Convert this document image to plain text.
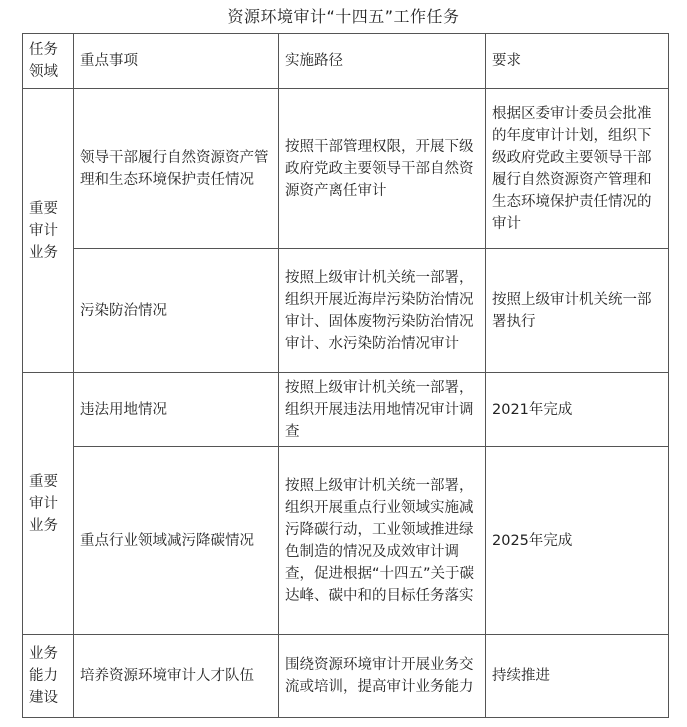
资源环境审计“十四五”工作任务
任务领域	重点事项	实施路径	要求
重要审计业务	领导干部履行自然资源资产管理和生态环境保护责任情况	按照干部管理权限，开展下级政府党政主要领导干部自然资源资产离任审计	根据区委审计委员会批准的年度审计计划，组织下级政府党政主要领导干部履行自然资源资产管理和生态环境保护责任情况的审计
	污染防治情况	按照上级审计机关统一部署，组织开展近海岸污染防治情况审计、固体废物污染防治情况审计、水污染防治情况审计	按照上级审计机关统一部署执行
重要审计业务	违法用地情况	按照上级审计机关统一部署，组织开展违法用地情况审计调查	2021年完成
	重点行业领域减污降碳情况	按照上级审计机关统一部署，组织开展重点行业领域实施减污降碳行动，工业领域推进绿色制造的情况及成效审计调查，促进根据“十四五”关于碳达峰、碳中和的目标任务落实	2025年完成
业务能力建设	培养资源环境审计人才队伍	围绕资源环境审计开展业务交流或培训，提高审计业务能力	持续推进
